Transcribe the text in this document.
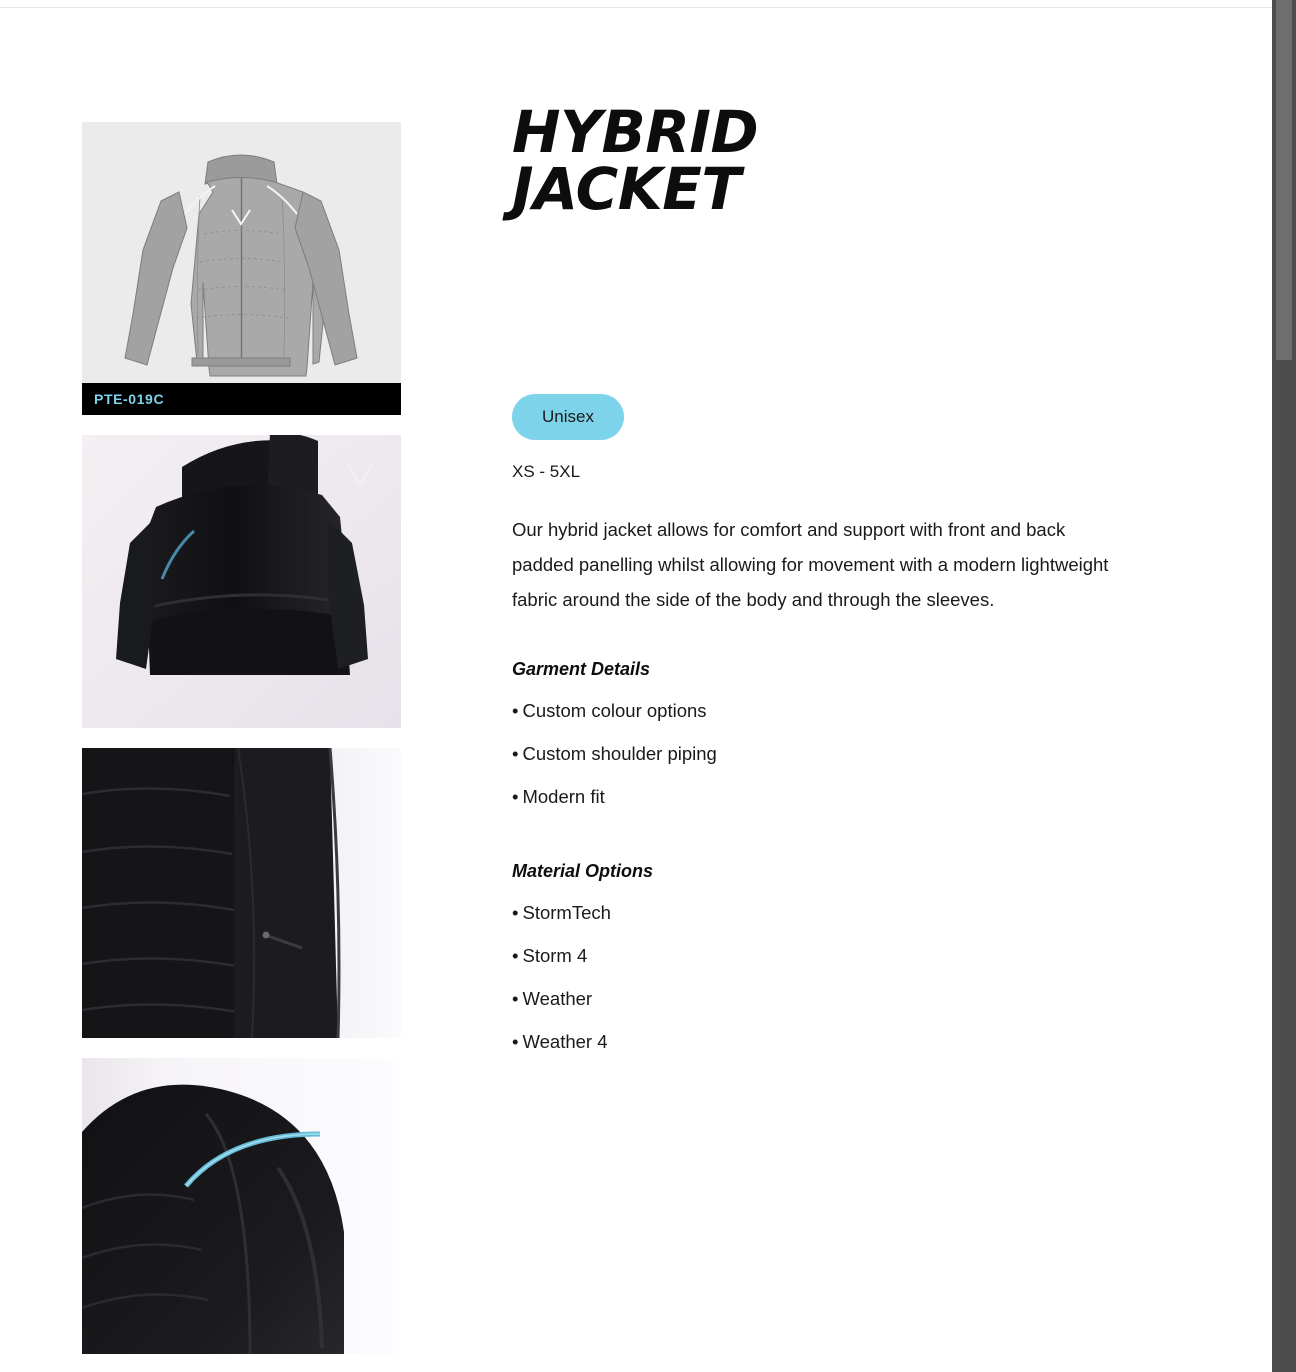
PTE-019C
HYBRID
JACKET
Unisex
XS - 5XL

Our hybrid jacket allows for comfort and support with front and back padded panelling whilst allowing for movement with a modern lightweight fabric around the side of the body and through the sleeves.

Garment Details
• Custom colour options
• Custom shoulder piping
• Modern fit
Material Options
• StormTech
• Storm 4
• Weather
• Weather 4
